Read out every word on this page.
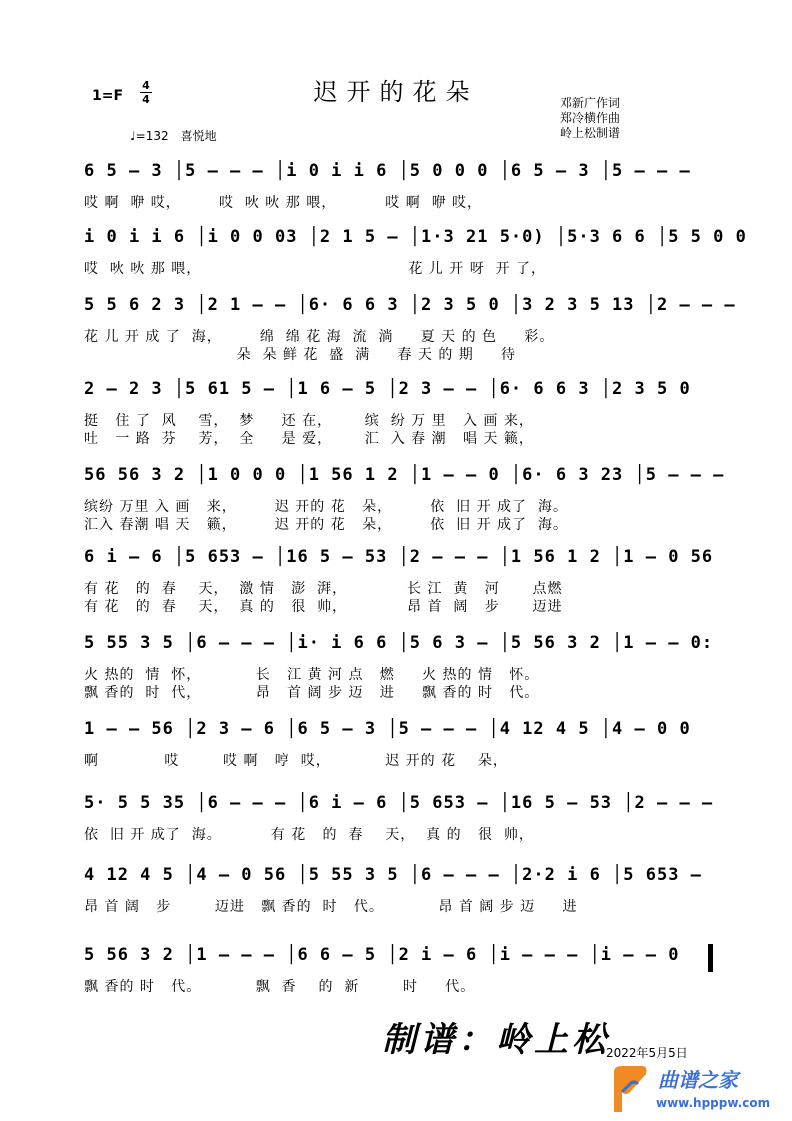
迟开的花朵
1=F
4
4	邓新广作词
郑冷横作曲
岭上松制谱
♩=132　喜悦地
6 5 – 3 │5 – – – │i 0 i i 6 │5 0 0 0 │6 5 – 3 │5 – – –
哎 啊  咿 哎，       哎  吙 吙 那 喂，         哎 啊  咿 哎，
i 0 i i 6 │i 0 0 03 │2 1 5 – │1·3 21 5·0) │5·3 6 6 │5 5 0 0
哎  吙 吙 那 喂，                                      花 儿 开 呀  开 了，
5 5 6 2 3 │2 1 – – │6· 6 6 3 │2 3 5 0 │3 2 3 5 13 │2 – – –
花 儿 开 成 了  海，       绵  绵 花 海  流  淌     夏 天 的 色     彩。
朵  朵 鲜 花  盛  满     春 天 的 期     待
2 – 2 3 │5 61 5 – │1 6 – 5 │2 3 – – │6· 6 6 3 │2 3 5 0
挺   住 了  风    雪，  梦     还 在，      缤  纷 万 里   入 画 来，
吐   一 路  芬    芳，  全     是 爱，      汇  入 春 潮   唱 天 籁，
56 56 3 2 │1 0 0 0 │1 56 1 2 │1 – – 0 │6· 6 3 23 │5 – – –
缤纷 万里 入 画   来，       迟 开的 花   朵，       依  旧 开 成了  海。
汇入 春潮 唱 天   籁，       迟 开的 花   朵，       依  旧 开 成了  海。
6 i – 6 │5 653 – │16 5 – 53 │2 – – – │1 56 1 2 │1 – 0 56
有 花   的  春    天，  激 情   澎  湃，           长 江  黄   河      点燃
有 花   的  春    天，  真 的   很  帅，           昂 首  阔   步      迈进
5 55 3 5 │6 – – – │i· i 6 6 │5 6 3 – │5 56 3 2 │1 – – 0:
火 热的  情  怀，          长   江 黄 河 点   燃     火 热的 情   怀。
飘 香的  时  代，          昂   首 阔 步 迈   进     飘 香的 时   代。
1 – – 56 │2 3 – 6 │6 5 – 3 │5 – – – │4 12 4 5 │4 – 0 0
啊            哎        哎 啊   哼  哎，          迟 开的 花    朵，
5· 5 5 35 │6 – – – │6 i – 6 │5 653 – │16 5 – 53 │2 – – –
依  旧 开 成了  海。         有 花   的  春    天，  真 的   很  帅，
4 12 4 5 │4 – 0 56 │5 55 3 5 │6 – – – │2·2 i 6 │5 653 –
昂 首 阔   步        迈进   飘 香的  时   代。          昂 首 阔 步 迈     进
5 56 3 2 │1 – – – │6 6 – 5 │2 i – 6 │i – – – │i – – 0
飘 香的 时   代。          飘  香    的  新        时     代。
制谱：岭上松
2022年5月5日
曲谱之家
www.hpppw.com
